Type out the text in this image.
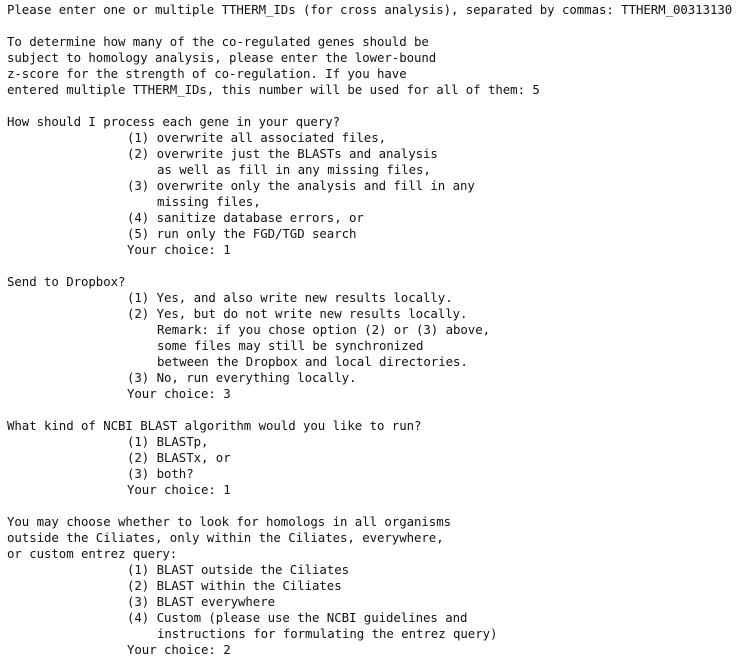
Please enter one or multiple TTHERM_IDs (for cross analysis), separated by commas: TTHERM_00313130
To determine how many of the co-regulated genes should be
subject to homology analysis, please enter the lower-bound
z-score for the strength of co-regulation. If you have
entered multiple TTHERM_IDs, this number will be used for all of them: 5
How should I process each gene in your query?
(1) overwrite all associated files,
(2) overwrite just the BLASTs and analysis
as well as fill in any missing files,
(3) overwrite only the analysis and fill in any
missing files,
(4) sanitize database errors, or
(5) run only the FGD/TGD search
Your choice: 1
Send to Dropbox?
(1) Yes, and also write new results locally.
(2) Yes, but do not write new results locally.
Remark: if you chose option (2) or (3) above,
some files may still be synchronized
between the Dropbox and local directories.
(3) No, run everything locally.
Your choice: 3
What kind of NCBI BLAST algorithm would you like to run?
(1) BLASTp,
(2) BLASTx, or
(3) both?
Your choice: 1
You may choose whether to look for homologs in all organisms
outside the Ciliates, only within the Ciliates, everywhere,
or custom entrez query:
(1) BLAST outside the Ciliates
(2) BLAST within the Ciliates
(3) BLAST everywhere
(4) Custom (please use the NCBI guidelines and
instructions for formulating the entrez query)
Your choice: 2
